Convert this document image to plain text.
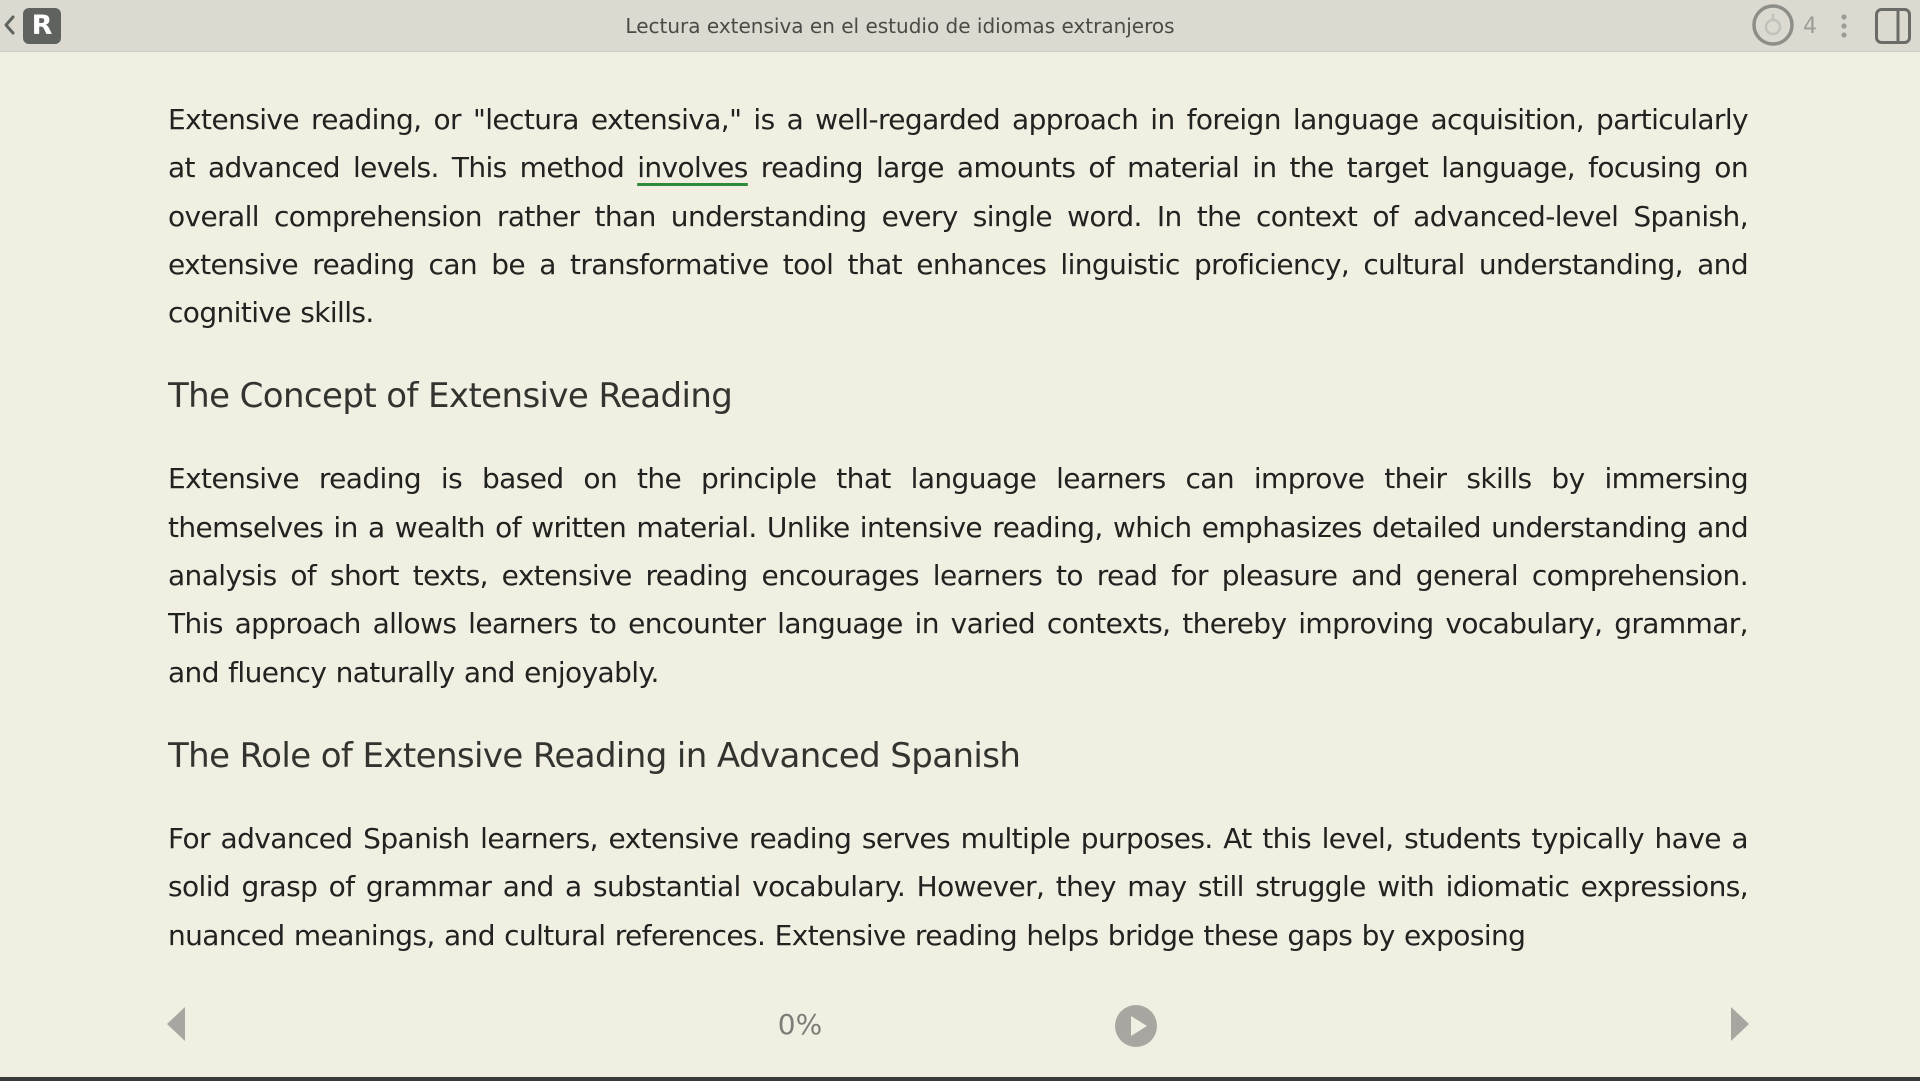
R	Lectura extensiva en el estudio de idiomas extranjeros	4

Extensive reading, or "lectura extensiva," is a well-regarded approach in foreign language acquisition, particularly at advanced levels. This method involves reading large amounts of material in the target language, focusing on overall comprehension rather than understanding every single word. In the context of advanced-level Spanish, extensive reading can be a transformative tool that enhances linguistic proficiency, cultural understanding, and cognitive skills.

The Concept of Extensive Reading

Extensive reading is based on the principle that language learners can improve their skills by immersing themselves in a wealth of written material. Unlike intensive reading, which emphasizes detailed understanding and analysis of short texts, extensive reading encourages learners to read for pleasure and general comprehension. This approach allows learners to encounter language in varied contexts, thereby improving vocabulary, grammar, and fluency naturally and enjoyably.

The Role of Extensive Reading in Advanced Spanish

For advanced Spanish learners, extensive reading serves multiple purposes. At this level, students typically have a solid grasp of grammar and a substantial vocabulary. However, they may still struggle with idiomatic expressions, nuanced meanings, and cultural references. Extensive reading helps bridge these gaps by exposing

0%
